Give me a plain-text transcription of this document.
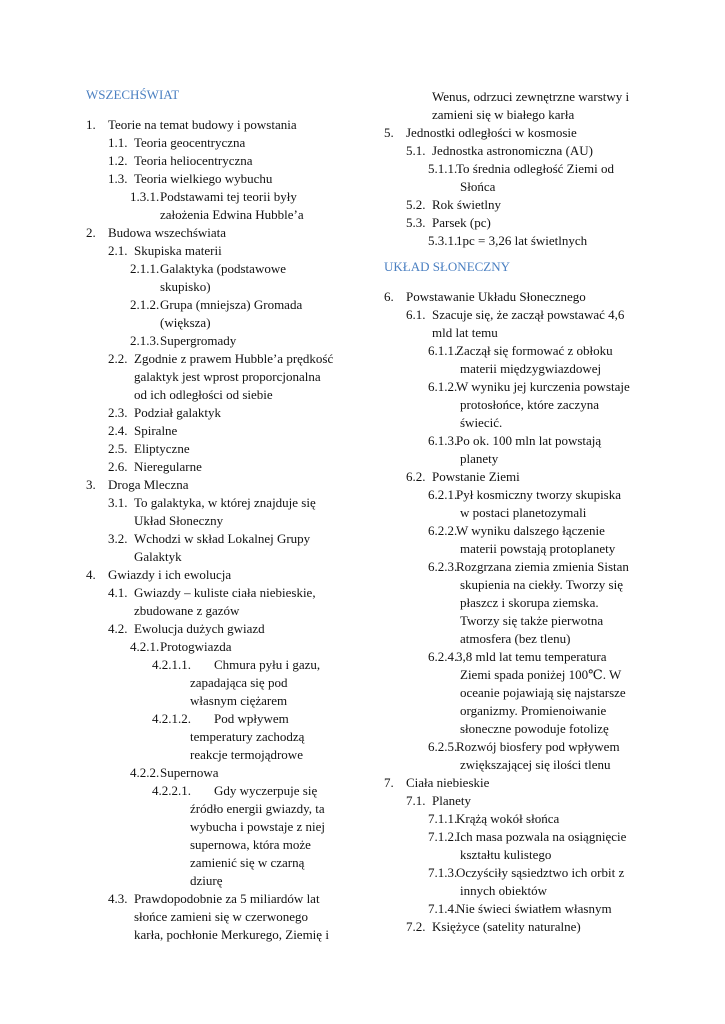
WSZECHŚWIAT
1. Teorie na temat budowy i powstania
1.1. Teoria geocentryczna
1.2. Teoria heliocentryczna
1.3. Teoria wielkiego wybuchu
1.3.1.Podstawami tej teorii były
założenia Edwina Hubble’a
2. Budowa wszechświata
2.1. Skupiska materii
2.1.1.Galaktyka (podstawowe
skupisko)
2.1.2.Grupa (mniejsza) Gromada
(większa)
2.1.3.Supergromady
2.2. Zgodnie z prawem Hubble’a prędkość
galaktyk jest wprost proporcjonalna
od ich odległości od siebie
2.3. Podział galaktyk
2.4. Spiralne
2.5. Eliptyczne
2.6. Nieregularne
3. Droga Mleczna
3.1. To galaktyka, w której znajduje się
Układ Słoneczny
3.2. Wchodzi w skład Lokalnej Grupy
Galaktyk
4. Gwiazdy i ich ewolucja
4.1. Gwiazdy – kuliste ciała niebieskie,
zbudowane z gazów
4.2. Ewolucja dużych gwiazd
4.2.1.Protogwiazda
4.2.1.1. Chmura pyłu i gazu,
zapadająca się pod
własnym ciężarem
4.2.1.2. Pod wpływem
temperatury zachodzą
reakcje termojądrowe
4.2.2.Supernowa
4.2.2.1. Gdy wyczerpuje się
źródło energii gwiazdy, ta
wybucha i powstaje z niej
supernowa, która może
zamienić się w czarną
dziurę
4.3. Prawdopodobnie za 5 miliardów lat
słońce zamieni się w czerwonego
karła, pochłonie Merkurego, Ziemię i
UKŁAD SŁONECZNY
Wenus, odrzuci zewnętrzne warstwy i
zamieni się w białego karła
5. Jednostki odległości w kosmosie
5.1. Jednostka astronomiczna (AU)
5.1.1.To średnia odległość Ziemi od
Słońca
5.2. Rok świetlny
5.3. Parsek (pc)
5.3.1.1pc = 3,26 lat świetlnych
6. Powstawanie Układu Słonecznego
6.1. Szacuje się, że zaczął powstawać 4,6
mld lat temu
6.1.1.Zaczął się formować z obłoku
materii międzygwiazdowej
6.1.2.W wyniku jej kurczenia powstaje
protosłońce, które zaczyna
świecić.
6.1.3.Po ok. 100 mln lat powstają
planety
6.2. Powstanie Ziemi
6.2.1.Pył kosmiczny tworzy skupiska
w postaci planetozymali
6.2.2.W wyniku dalszego łączenie
materii powstają protoplanety
6.2.3.Rozgrzana ziemia zmienia Sistan
skupienia na ciekły. Tworzy się
płaszcz i skorupa ziemska.
Tworzy się także pierwotna
atmosfera (bez tlenu)
6.2.4.3,8 mld lat temu temperatura
Ziemi spada poniżej 100℃. W
oceanie pojawiają się najstarsze
organizmy. Promienoiwanie
słoneczne powoduje fotolizę
6.2.5.Rozwój biosfery pod wpływem
zwiększającej się ilości tlenu
7. Ciała niebieskie
7.1. Planety
7.1.1.Krążą wokół słońca
7.1.2.Ich masa pozwala na osiągnięcie
kształtu kulistego
7.1.3.Oczyściły sąsiedztwo ich orbit z
innych obiektów
7.1.4.Nie świeci światłem własnym
7.2. Księżyce (satelity naturalne)
